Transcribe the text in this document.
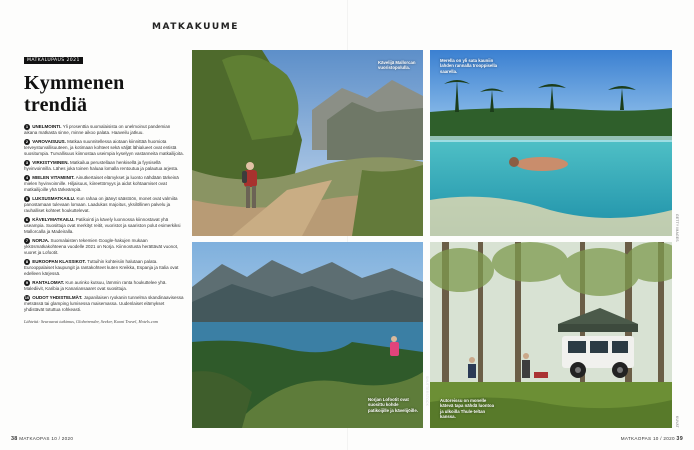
MATKAKUUME
MATKALUPAUS 2021
Kymmenen trendiä

1 UNELMOINTI. Yli prosenttia suomalaisista on unelmoinut pandemian aikana matkasta sinne, minne aikoo palata. Haaveilu jatkuu.

2 VAROVAISUUS. Matkaa suunnitellessa aiotaan kiinnittää huomiota terveysturvallisuuteen, ja kotimaan kohteet sekä väljät lähialueet ovat entistä suositumpia. Turvallisuus kiinnostaa useimpia kyselyyn vastanneita matkailijoita.

3 VIRKISTYMINEN. Matkailua perustellaan henkisellä ja fyysisellä hyvinvoinnilla. Lähes joka toinen haluaa lomalla rentoutua ja palautua arjesta.

4 MIELEN VITAMIINIT. Ainutkertaiset elämykset ja luonto nähdään tärkeinä mielen hyvinvoinnille. Hiljaisuus, kiireettömyys ja aidot kohtaamiset ovat matkailijoille yhä tärkeämpiä.

5 LUKSUSMATKAILU. Kun rahaa on jäänyt säästöön, monet ovat valmiita panostamaan tulevaan lomaan. Laadukas majoitus, yksilöllinen palvelu ja rauhalliset kohteet houkuttelevat.

6 KÄVELYMATKAILU. Patikointi ja kävely luonnossa kiinnostavat yhä useampia. Suosittuja ovat merkityt reitit, vuoristot ja saariston polut esimerkiksi Mallorcalla ja Madeiralla.

7 NORJA. Suomalaisten tekemien Google-hakujen mukaan ykkösmatkakohteena vuodelle 2021 on Norja. Kiinnostusta herättävät vuonot, vuoret ja Lofootit.

8 EUROOPAN KLASSIKOT. Tuttuihin kohteisiin halutaan palata. Eurooppalaiset kaupungit ja rantakohteet kuten Kreikka, Espanja ja Italia ovat edelleen kärjessä.

9 RANTALOMAT. Kun aurinko kutsuu, lämmin ranta houkuttelee yhä. Malediivit, Karibia ja Kanariansaaret ovat suosittuja.

10 OUDOT YHDISTELMÄT. Japanilaisen ryokanin tunnelma skandinaavisessa metsässä tai glamping lumisessa maisemassa. Uudenlaiset elämykset yhdistävät totuttua rohkeasti.

Lähteitä: Seuraavat tutkimus, Globetrender, Seeker, Kuoni Travel, Hotels.com

Kävelijä Mallorcan vuoristopolulla.
Merella on yli sata kauniin lahden rannalla trooppisella saarella.
Norjan Lofootit ovat suosittu kohde patikoijille ja kävelijöille.
SHUTTERSTOCK	Autoreissu on monelle kätevä tapa nähdä luontoa ja ulkoilla Thule-teltan kanssa.
GETTY IMAGES
KUVAT
38 MATKAOPAS 10 / 2020	MATKAOPAS 10 / 2020 39
